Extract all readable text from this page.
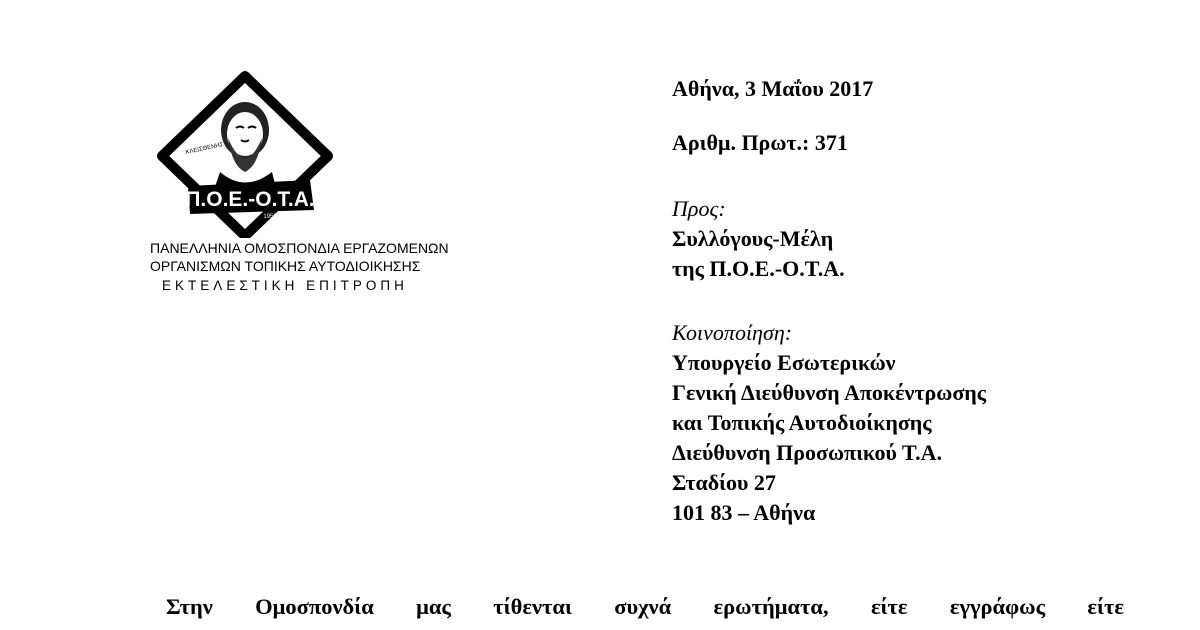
ΚΛΕΙΣΘΕΝΗΣ
Π.Ο.Ε.-Ο.Τ.Α.
1950
ΠΑΝΕΛΛΗΝΙΑ ΟΜΟΣΠΟΝΔΙΑ ΕΡΓΑΖΟΜΕΝΩΝ
ΟΡΓΑΝΙΣΜΩΝ ΤΟΠΙΚΗΣ ΑΥΤΟΔΙΟΙΚΗΣΗΣ
ΕΚΤΕΛΕΣΤΙΚΗ ΕΠΙΤΡΟΠΗ
Αθήνα, 3 Μαΐου 2017
Αριθμ. Πρωτ.: 371
Προς:
Συλλόγους-Μέλη
της Π.Ο.Ε.-Ο.Τ.Α.
Κοινοποίηση:
Υπουργείο Εσωτερικών
Γενική Διεύθυνση Αποκέντρωσης
και Τοπικής Αυτοδιοίκησης
Διεύθυνση Προσωπικού Τ.Α.
Σταδίου 27
101 83 – Αθήνα
Στην Ομοσπονδία μας τίθενται συχνά ερωτήματα, είτε εγγράφως είτε
